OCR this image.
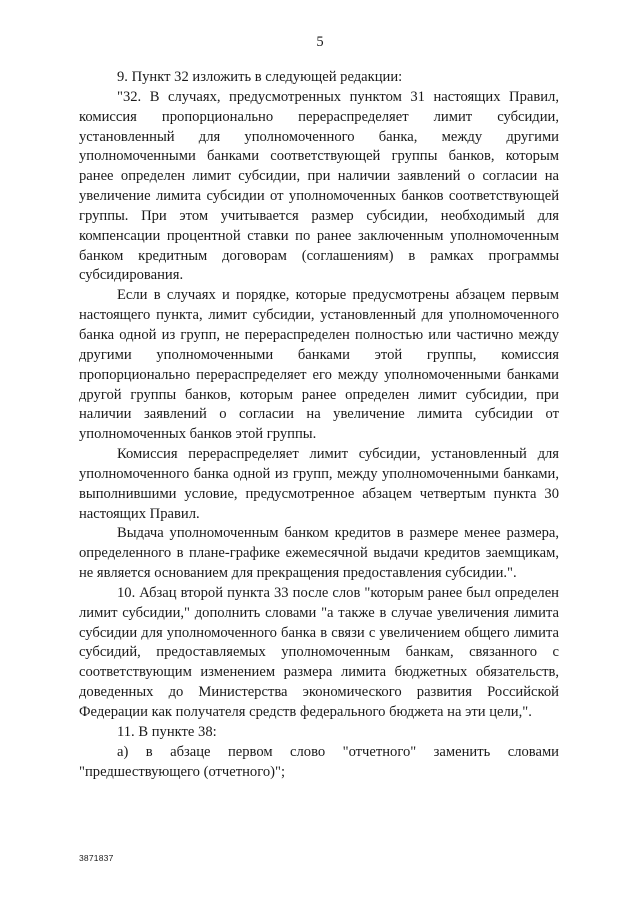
5

9. Пункт 32 изложить в следующей редакции:

"32. В случаях, предусмотренных пунктом 31 настоящих Правил, комиссия пропорционально перераспределяет лимит субсидии, установленный для уполномоченного банка, между другими уполномоченными банками соответствующей группы банков, которым ранее определен лимит субсидии, при наличии заявлений о согласии на увеличение лимита субсидии от уполномоченных банков соответствующей группы. При этом учитывается размер субсидии, необходимый для компенсации процентной ставки по ранее заключенным уполномоченным банком кредитным договорам (соглашениям) в рамках программы субсидирования.

Если в случаях и порядке, которые предусмотрены абзацем первым настоящего пункта, лимит субсидии, установленный для уполномоченного банка одной из групп, не перераспределен полностью или частично между другими уполномоченными банками этой группы, комиссия пропорционально перераспределяет его между уполномоченными банками другой группы банков, которым ранее определен лимит субсидии, при наличии заявлений о согласии на увеличение лимита субсидии от уполномоченных банков этой группы.

Комиссия перераспределяет лимит субсидии, установленный для уполномоченного банка одной из групп, между уполномоченными банками, выполнившими условие, предусмотренное абзацем четвертым пункта 30 настоящих Правил.

Выдача уполномоченным банком кредитов в размере менее размера, определенного в плане-графике ежемесячной выдачи кредитов заемщикам, не является основанием для прекращения предоставления субсидии.".

10. Абзац второй пункта 33 после слов "которым ранее был определен лимит субсидии," дополнить словами "а также в случае увеличения лимита субсидии для уполномоченного банка в связи с увеличением общего лимита субсидий, предоставляемых уполномоченным банкам, связанного с соответствующим изменением размера лимита бюджетных обязательств, доведенных до Министерства экономического развития Российской Федерации как получателя средств федерального бюджета на эти цели,".

11. В пункте 38:

а) в абзаце первом слово "отчетного" заменить словами "предшествующего (отчетного)";

3871837
